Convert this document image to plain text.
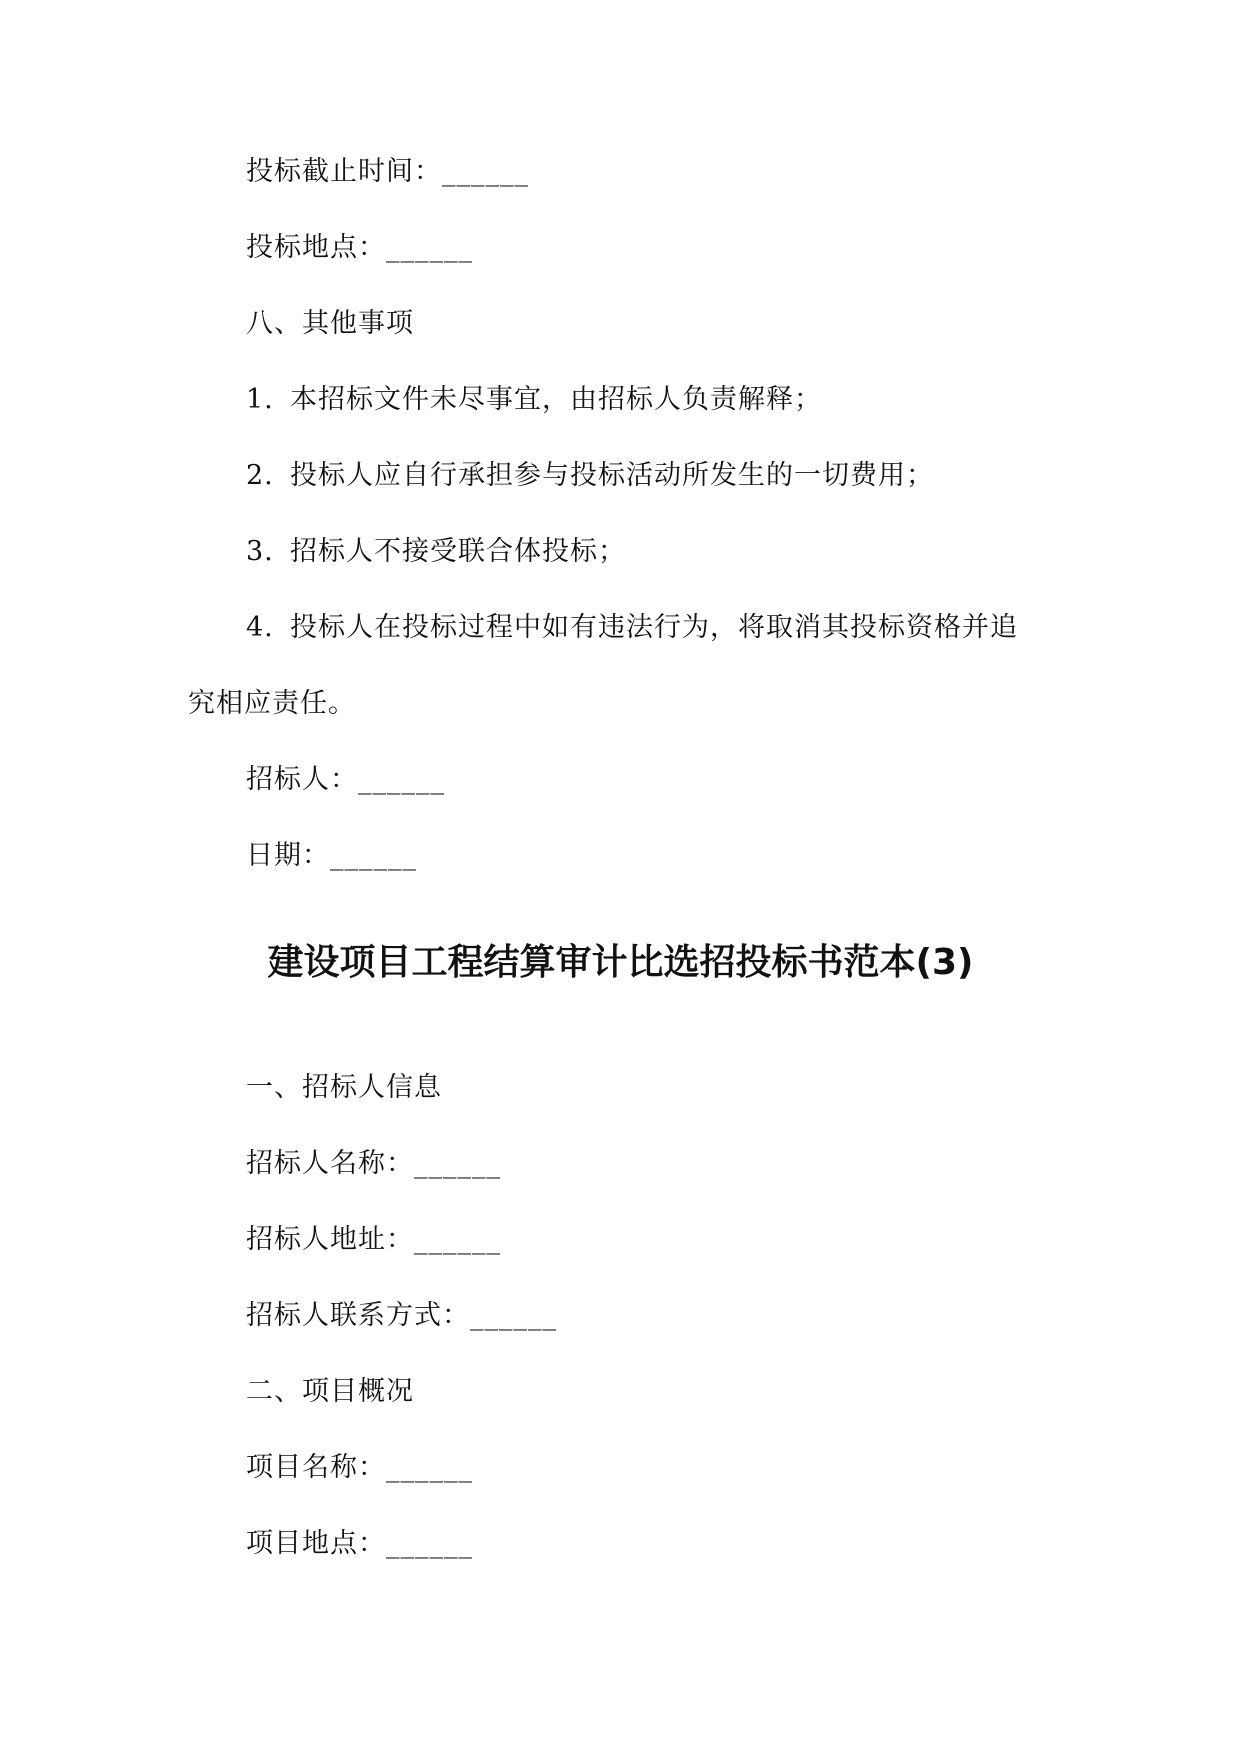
投标截止时间：______
投标地点：______
八、其他事项
1. 本招标文件未尽事宜，由招标人负责解释；
2. 投标人应自行承担参与投标活动所发生的一切费用；
3. 招标人不接受联合体投标；
4. 投标人在投标过程中如有违法行为，将取消其投标资格并追
究相应责任。
招标人：______
日期：______
建设项目工程结算审计比选招投标书范本(3)
一、招标人信息
招标人名称：______
招标人地址：______
招标人联系方式：______
二、项目概况
项目名称：______
项目地点：______
